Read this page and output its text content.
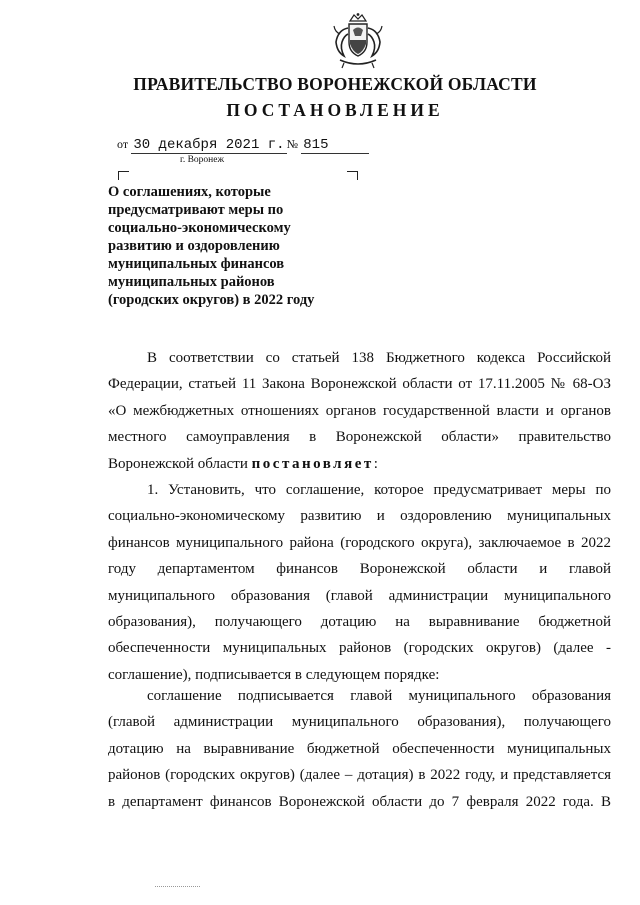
ПРАВИТЕЛЬСТВО ВОРОНЕЖСКОЙ ОБЛАСТИ
ПОСТАНОВЛЕНИЕ
от 30 декабря 2021 г. № 815
г. Воронеж
О соглашениях, которые
предусматривают меры по
социально-экономическому
развитию и оздоровлению
муниципальных финансов
муниципальных районов
(городских округов) в 2022 году
В соответствии со статьей 138 Бюджетного кодекса Российской
Федерации, статьей 11 Закона Воронежской области от 17.11.2005 № 68-ОЗ
«О межбюджетных отношениях органов государственной власти и органов
местного самоуправления в Воронежской области» правительство
Воронежской области постановляет:
1. Установить, что соглашение, которое предусматривает меры по
социально-экономическому развитию и оздоровлению муниципальных
финансов муниципального района (городского округа), заключаемое в 2022
году департаментом финансов Воронежской области и главой
муниципального образования (главой администрации муниципального
образования), получающего дотацию на выравнивание бюджетной
обеспеченности муниципальных районов (городских округов) (далее -
соглашение), подписывается в следующем порядке:
соглашение подписывается главой муниципального образования
(главой администрации муниципального образования), получающего
дотацию на выравнивание бюджетной обеспеченности муниципальных
районов (городских округов) (далее – дотация) в 2022 году, и представляется
в департамент финансов Воронежской области до 7 февраля 2022 года. В
